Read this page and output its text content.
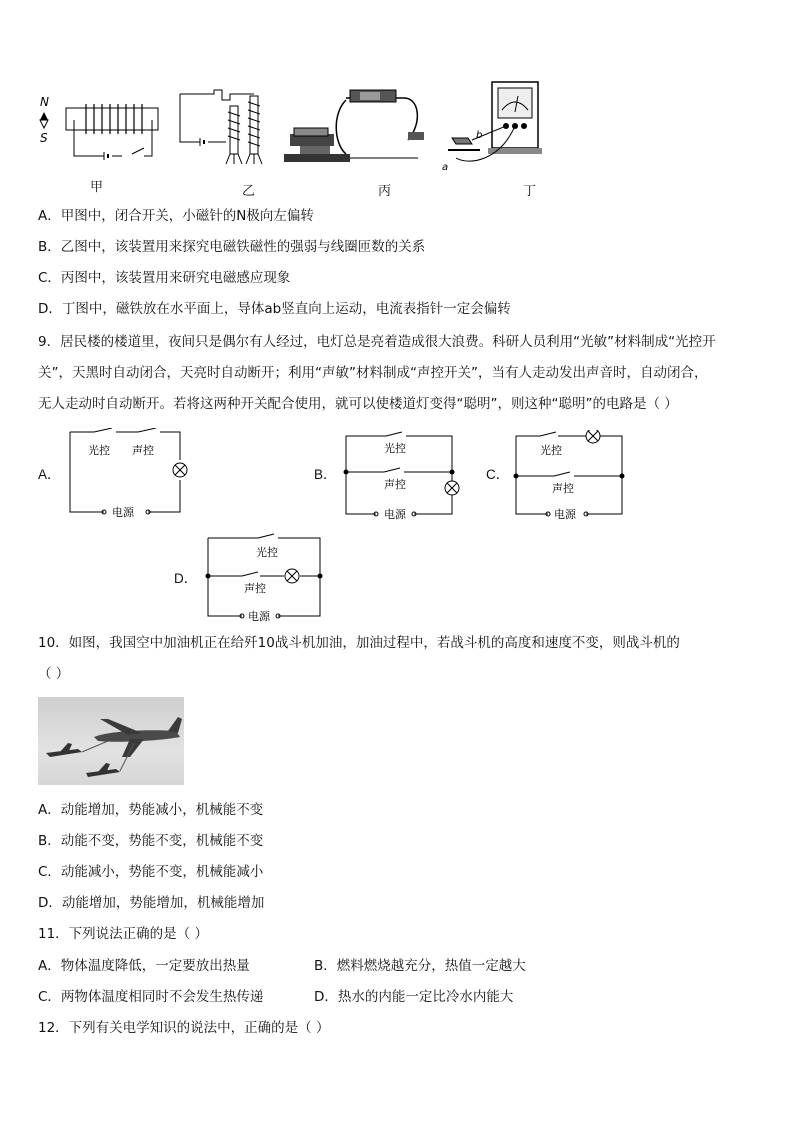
N
S
甲	乙	丙
b
a
丁
A．甲图中，闭合开关，小磁针的N极向左偏转
B．乙图中，该装置用来探究电磁铁磁性的强弱与线圈匝数的关系
C．丙图中，该装置用来研究电磁感应现象
D．丁图中，磁铁放在水平面上，导体ab竖直向上运动，电流表指针一定会偏转
9．居民楼的楼道里，夜间只是偶尔有人经过，电灯总是亮着造成很大浪费。科研人员利用“光敏”材料制成“光控开
关”，天黑时自动闭合，天亮时自动断开；利用“声敏”材料制成“声控开关”，当有人走动发出声音时，自动闭合，
无人走动时自动断开。若将这两种开关配合使用，就可以使楼道灯变得“聪明”，则这种“聪明”的电路是（ ）
A．
光控 声控
电源
B．
光控
声控
电源
C．
光控
声控
电源
D．
光控
声控
电源
10．如图，我国空中加油机正在给歼10战斗机加油，加油过程中，若战斗机的高度和速度不变，则战斗机的
（ ）
A．动能增加，势能减小，机械能不变
B．动能不变，势能不变，机械能不变
C．动能减小，势能不变，机械能减小
D．动能增加，势能增加，机械能增加
11．下列说法正确的是（ ）
A．物体温度降低，一定要放出热量	B．燃料燃烧越充分，热值一定越大
C．两物体温度相同时不会发生热传递	D．热水的内能一定比冷水内能大
12．下列有关电学知识的说法中，正确的是（ ）
